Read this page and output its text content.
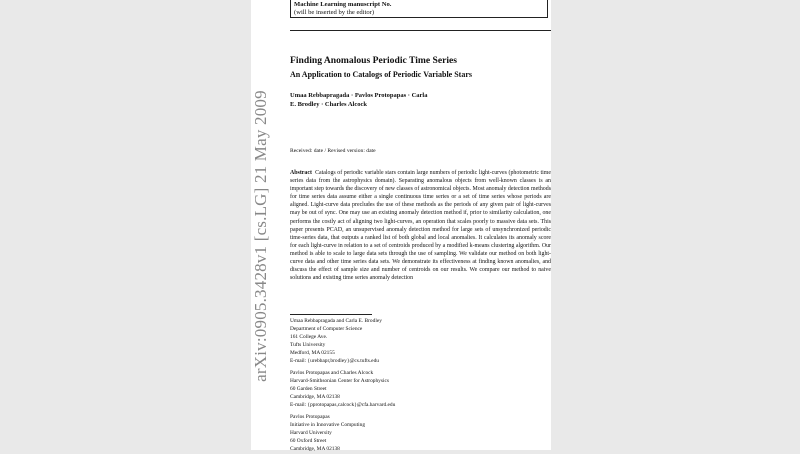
arXiv:0905.3428v1 [cs.LG] 21 May 2009
Machine Learning manuscript No.
(will be inserted by the editor)
Finding Anomalous Periodic Time Series
An Application to Catalogs of Periodic Variable Stars
Umaa Rebbapragada · Pavlos Protopapas · Carla
E. Brodley · Charles Alcock
Received: date / Revised version: date
Abstract Catalogs of periodic variable stars contain large numbers of periodic light-curves (photometric time series data from the astrophysics domain). Separating anomalous objects from well-known classes is an important step towards the discovery of new classes of astronomical objects. Most anomaly detection methods for time series data assume either a single continuous time series or a set of time series whose periods are aligned. Light-curve data precludes the use of these methods as the periods of any given pair of light-curves may be out of sync. One may use an existing anomaly detection method if, prior to similarity calculation, one performs the costly act of aligning two light-curves, an operation that scales poorly to massive data sets. This paper presents PCAD, an unsupervised anomaly detection method for large sets of unsynchronized periodic time-series data, that outputs a ranked list of both global and local anomalies. It calculates its anomaly score for each light-curve in relation to a set of centroids produced by a modified k-means clustering algorithm. Our method is able to scale to large data sets through the use of sampling. We validate our method on both light-curve data and other time series data sets. We demonstrate its effectiveness at finding known anomalies, and discuss the effect of sample size and number of centroids on our results. We compare our method to naive solutions and existing time series anomaly detection
Umaa Rebbapragada and Carla E. Brodley
Department of Computer Science
161 College Ave.
Tufts University
Medford, MA 02155
E-mail: {urebbapr,brodley}@cs.tufts.edu
Pavlos Protopapas and Charles Alcock
Harvard-Smithsonian Center for Astrophysics
60 Garden Street
Cambridge, MA 02138
E-mail: {pprotopapas,calcock}@cfa.harvard.edu
Pavlos Protopapas
Initiative in Innovative Computing
Harvard University
60 Oxford Street
Cambridge, MA 02138
